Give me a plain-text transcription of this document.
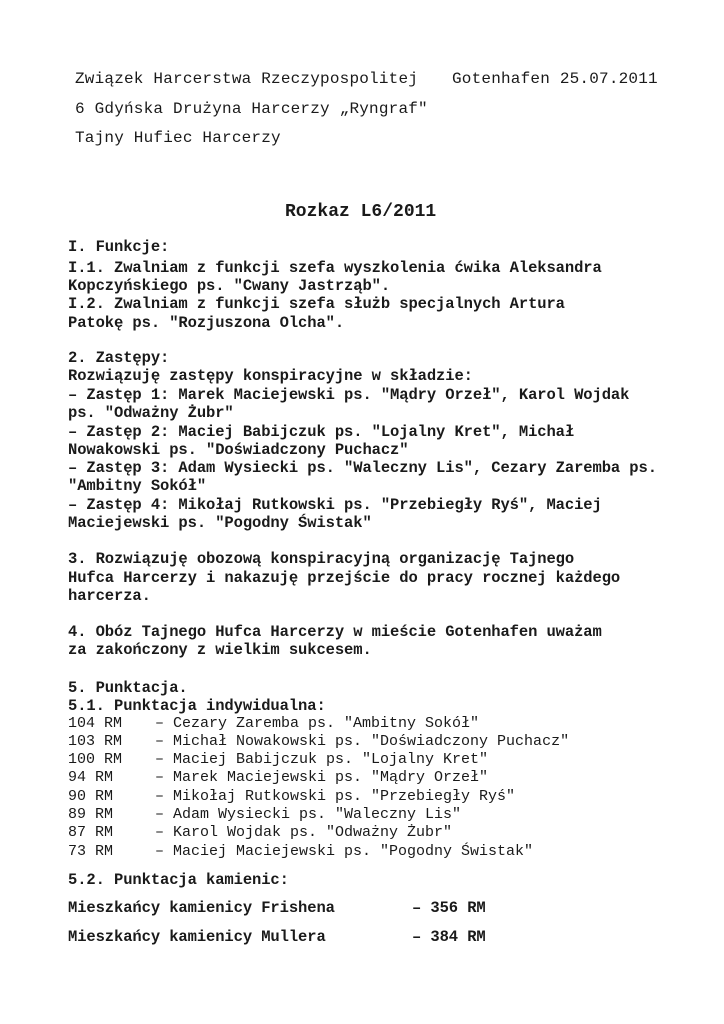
Związek Harcerstwa Rzeczypospolitej Gotenhafen 25.07.2011
6 Gdyńska Drużyna Harcerzy „Ryngraf"
Tajny Hufiec Harcerzy
Rozkaz L6/2011
I. Funkcje:
I.1. Zwalniam z funkcji szefa wyszkolenia ćwika Aleksandra
Kopczyńskiego ps. "Cwany Jastrząb".
I.2. Zwalniam z funkcji szefa służb specjalnych Artura
Patokę ps. "Rozjuszona Olcha".
2. Zastępy:
Rozwiązuję zastępy konspiracyjne w składzie:
– Zastęp 1: Marek Maciejewski ps. "Mądry Orzeł", Karol Wojdak
ps. "Odważny Żubr"
– Zastęp 2: Maciej Babijczuk ps. "Lojalny Kret", Michał
Nowakowski ps. "Doświadczony Puchacz"
– Zastęp 3: Adam Wysiecki ps. "Waleczny Lis", Cezary Zaremba ps.
"Ambitny Sokół"
– Zastęp 4: Mikołaj Rutkowski ps. "Przebiegły Ryś", Maciej
Maciejewski ps. "Pogodny Świstak"
3. Rozwiązuję obozową konspiracyjną organizację Tajnego
Hufca Harcerzy i nakazuję przejście do pracy rocznej każdego
harcerza.
4. Obóz Tajnego Hufca Harcerzy w mieście Gotenhafen uważam
za zakończony z wielkim sukcesem.
5. Punktacja.
5.1. Punktacja indywidualna:
104 RM – Cezary Zaremba ps. "Ambitny Sokół"
103 RM – Michał Nowakowski ps. "Doświadczony Puchacz"
100 RM – Maciej Babijczuk ps. "Lojalny Kret"
94 RM	– Marek Maciejewski ps. "Mądry Orzeł"
90 RM	– Mikołaj Rutkowski ps. "Przebiegły Ryś"
89 RM	– Adam Wysiecki ps. "Waleczny Lis"
87 RM	– Karol Wojdak ps. "Odważny Żubr"
73 RM	– Maciej Maciejewski ps. "Pogodny Świstak"
5.2. Punktacja kamienic:
Mieszkańcy kamienicy Frishena	– 356 RM
Mieszkańcy kamienicy Mullera	– 384 RM
